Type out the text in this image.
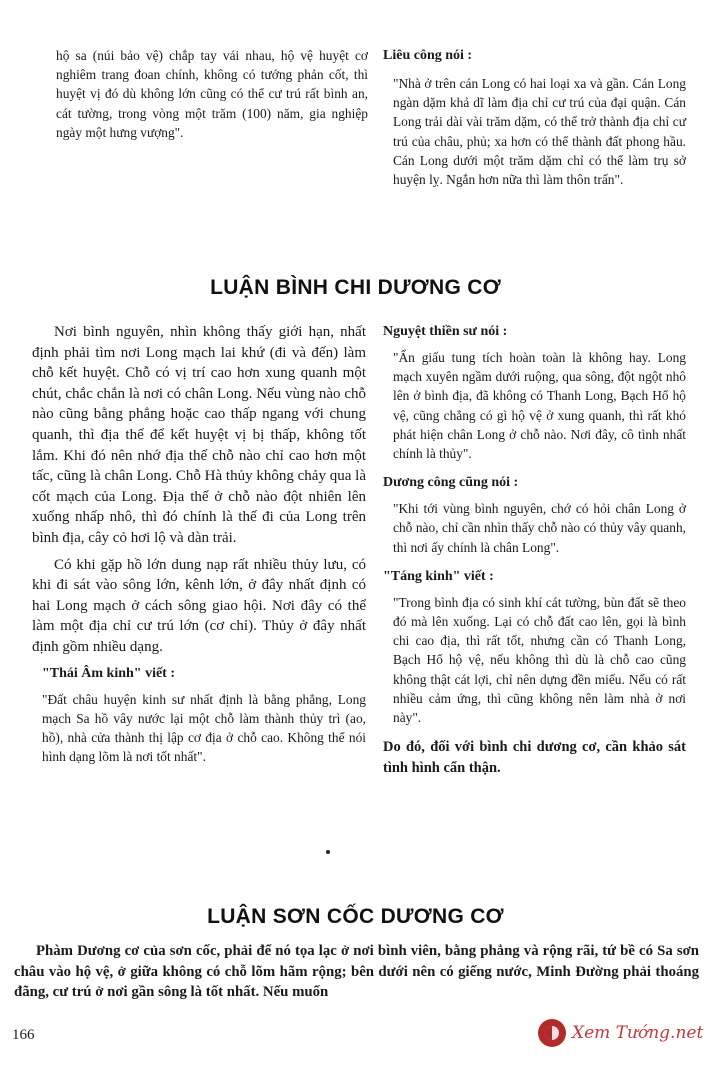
hộ sa (núi bảo vệ) chắp tay vái nhau, hộ vệ huyệt cơ nghiêm trang đoan chính, không có tướng phản cốt, thì huyệt vị đó dù không lớn cũng có thể cư trú rất bình an, cát tường, trong vòng một trăm (100) năm, gia nghiệp ngày một hưng vượng".

Liêu công nói :

"Nhà ở trên cán Long có hai loại xa và gần. Cán Long ngàn dặm khả dĩ làm địa chỉ cư trú của đại quận. Cán Long trải dài vài trăm dặm, có thể trở thành địa chỉ cư trú của châu, phủ; xa hơn có thể thành đất phong hầu. Cán Long dưới một trăm dặm chỉ có thể làm trụ sở huyện lỵ. Ngắn hơn nữa thì làm thôn trấn".

LUẬN BÌNH CHI DƯƠNG CƠ

Nơi bình nguyên, nhìn không thấy giới hạn, nhất định phải tìm nơi Long mạch lai khứ (đi và đến) làm chỗ kết huyệt. Chỗ có vị trí cao hơn xung quanh một chút, chắc chắn là nơi có chân Long. Nếu vùng nào chỗ nào cũng bằng phẳng hoặc cao thấp ngang với chung quanh, thì địa thế để kết huyệt vị bị thấp, không tốt lắm. Khi đó nên nhớ địa thế chỗ nào chỉ cao hơn một tấc, cũng là chân Long. Chỗ Hà thủy không chảy qua là cốt mạch của Long. Địa thế ở chỗ nào đột nhiên lên xuống nhấp nhô, thì đó chính là thế đi của Long trên bình địa, cây cỏ hơi lộ và dàn trải.

Có khi gặp hồ lớn dung nạp rất nhiều thủy lưu, có khi đi sát vào sông lớn, kênh lớn, ở đây nhất định có hai Long mạch ở cách sông giao hội. Nơi đây có thể làm một địa chỉ cư trú lớn (cơ chỉ). Thủy ở đây nhất định gồm nhiều dạng.

"Thái Âm kinh" viết :

"Đất châu huyện kinh sư nhất định là bằng phẳng, Long mạch Sa hồ vây nước lại một chỗ làm thành thủy trì (ao, hồ), nhà cửa thành thị lập cơ địa ở chỗ cao. Không thể nói hình dạng lõm là nơi tốt nhất".

Nguyệt thiền sư nói :

"Ẩn giấu tung tích hoàn toàn là không hay. Long mạch xuyên ngầm dưới ruộng, qua sông, đột ngột nhô lên ở bình địa, đã không có Thanh Long, Bạch Hổ hộ vệ, cũng chẳng có gì hộ vệ ở xung quanh, thì rất khó phát hiện chân Long ở chỗ nào. Nơi đây, cô tình nhất chính là thủy".

Dương công cũng nói :

"Khi tới vùng bình nguyên, chớ có hỏi chân Long ở chỗ nào, chỉ cần nhìn thấy chỗ nào có thủy vây quanh, thì nơi ấy chính là chân Long".

"Táng kinh" viết :

"Trong bình địa có sinh khí cát tường, bùn đất sẽ theo đó mà lên xuống. Lại có chỗ đất cao lên, gọi là bình chi cao địa, thì rất tốt, nhưng cần có Thanh Long, Bạch Hổ hộ vệ, nếu không thì dù là chỗ cao cũng không thật cát lợi, chỉ nên dựng đền miếu. Nếu có rất nhiều cảm ứng, thì cũng không nên làm nhà ở nơi này".

Do đó, đối với bình chi dương cơ, cần khảo sát tình hình cẩn thận.

LUẬN SƠN CỐC DƯƠNG CƠ

Phàm Dương cơ của sơn cốc, phải để nó tọa lạc ở nơi bình viên, bằng phẳng và rộng rãi, tứ bề có Sa sơn châu vào hộ vệ, ở giữa không có chỗ lõm hãm rộng; bên dưới nên có giếng nước, Minh Đường phải thoáng đãng, cư trú ở nơi gần sông là tốt nhất. Nếu muốn

166	Xem Tướng.net
